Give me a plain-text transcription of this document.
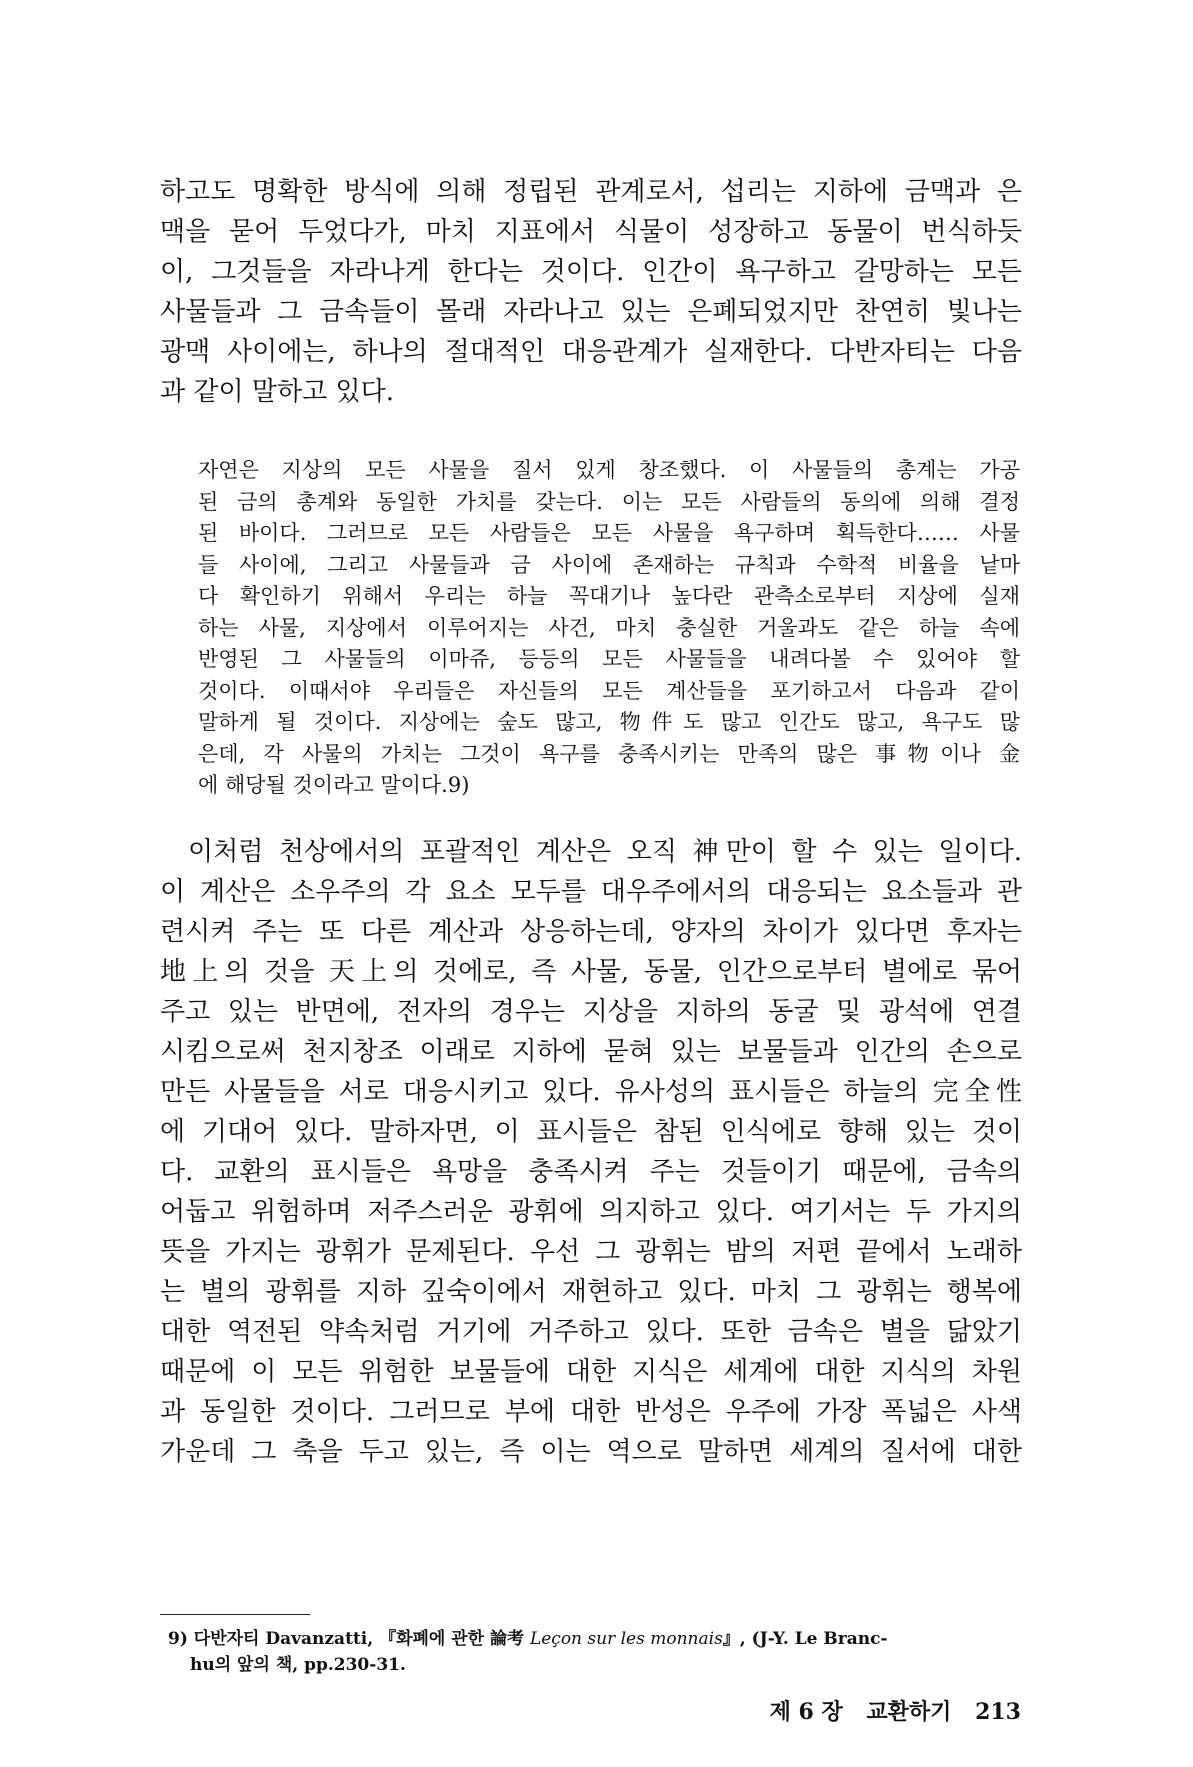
하고도 명확한 방식에 의해 정립된 관계로서, 섭리는 지하에 금맥과 은
맥을 묻어 두었다가, 마치 지표에서 식물이 성장하고 동물이 번식하듯
이, 그것들을 자라나게 한다는 것이다. 인간이 욕구하고 갈망하는 모든
사물들과 그 금속들이 몰래 자라나고 있는 은폐되었지만 찬연히 빛나는
광맥 사이에는, 하나의 절대적인 대응관계가 실재한다. 다반자티는 다음
과 같이 말하고 있다.
자연은 지상의 모든 사물을 질서 있게 창조했다. 이 사물들의 총계는 가공
된 금의 총계와 동일한 가치를 갖는다. 이는 모든 사람들의 동의에 의해 결정
된 바이다. 그러므로 모든 사람들은 모든 사물을 욕구하며 획득한다…… 사물
들 사이에, 그리고 사물들과 금 사이에 존재하는 규칙과 수학적 비율을 낱마
다 확인하기 위해서 우리는 하늘 꼭대기나 높다란 관측소로부터 지상에 실재
하는 사물, 지상에서 이루어지는 사건, 마치 충실한 거울과도 같은 하늘 속에
반영된 그 사물들의 이마쥬, 등등의 모든 사물들을 내려다볼 수 있어야 할
것이다. 이때서야 우리들은 자신들의 모든 계산들을 포기하고서 다음과 같이
말하게 될 것이다. 지상에는 숲도 많고, 物件도 많고 인간도 많고, 욕구도 많
은데, 각 사물의 가치는 그것이 욕구를 충족시키는 만족의 많은 事物이나 金
에 해당될 것이라고 말이다.9)
이처럼 천상에서의 포괄적인 계산은 오직 神만이 할 수 있는 일이다.
이 계산은 소우주의 각 요소 모두를 대우주에서의 대응되는 요소들과 관
련시켜 주는 또 다른 계산과 상응하는데, 양자의 차이가 있다면 후자는
地上의 것을 天上의 것에로, 즉 사물, 동물, 인간으로부터 별에로 묶어
주고 있는 반면에, 전자의 경우는 지상을 지하의 동굴 및 광석에 연결
시킴으로써 천지창조 이래로 지하에 묻혀 있는 보물들과 인간의 손으로
만든 사물들을 서로 대응시키고 있다. 유사성의 표시들은 하늘의 完全性
에 기대어 있다. 말하자면, 이 표시들은 참된 인식에로 향해 있는 것이
다. 교환의 표시들은 욕망을 충족시켜 주는 것들이기 때문에, 금속의
어둡고 위험하며 저주스러운 광휘에 의지하고 있다. 여기서는 두 가지의
뜻을 가지는 광휘가 문제된다. 우선 그 광휘는 밤의 저편 끝에서 노래하
는 별의 광휘를 지하 깊숙이에서 재현하고 있다. 마치 그 광휘는 행복에
대한 역전된 약속처럼 거기에 거주하고 있다. 또한 금속은 별을 닮았기
때문에 이 모든 위험한 보물들에 대한 지식은 세계에 대한 지식의 차원
과 동일한 것이다. 그러므로 부에 대한 반성은 우주에 가장 폭넓은 사색
가운데 그 축을 두고 있는, 즉 이는 역으로 말하면 세계의 질서에 대한
9) 다반자티 Davanzatti, 『화폐에 관한 論考 Leçon sur les monnais』, (J-Y. Le Branc-
hu의 앞의 책, pp.230-31.
제 6 장 교환하기 213
